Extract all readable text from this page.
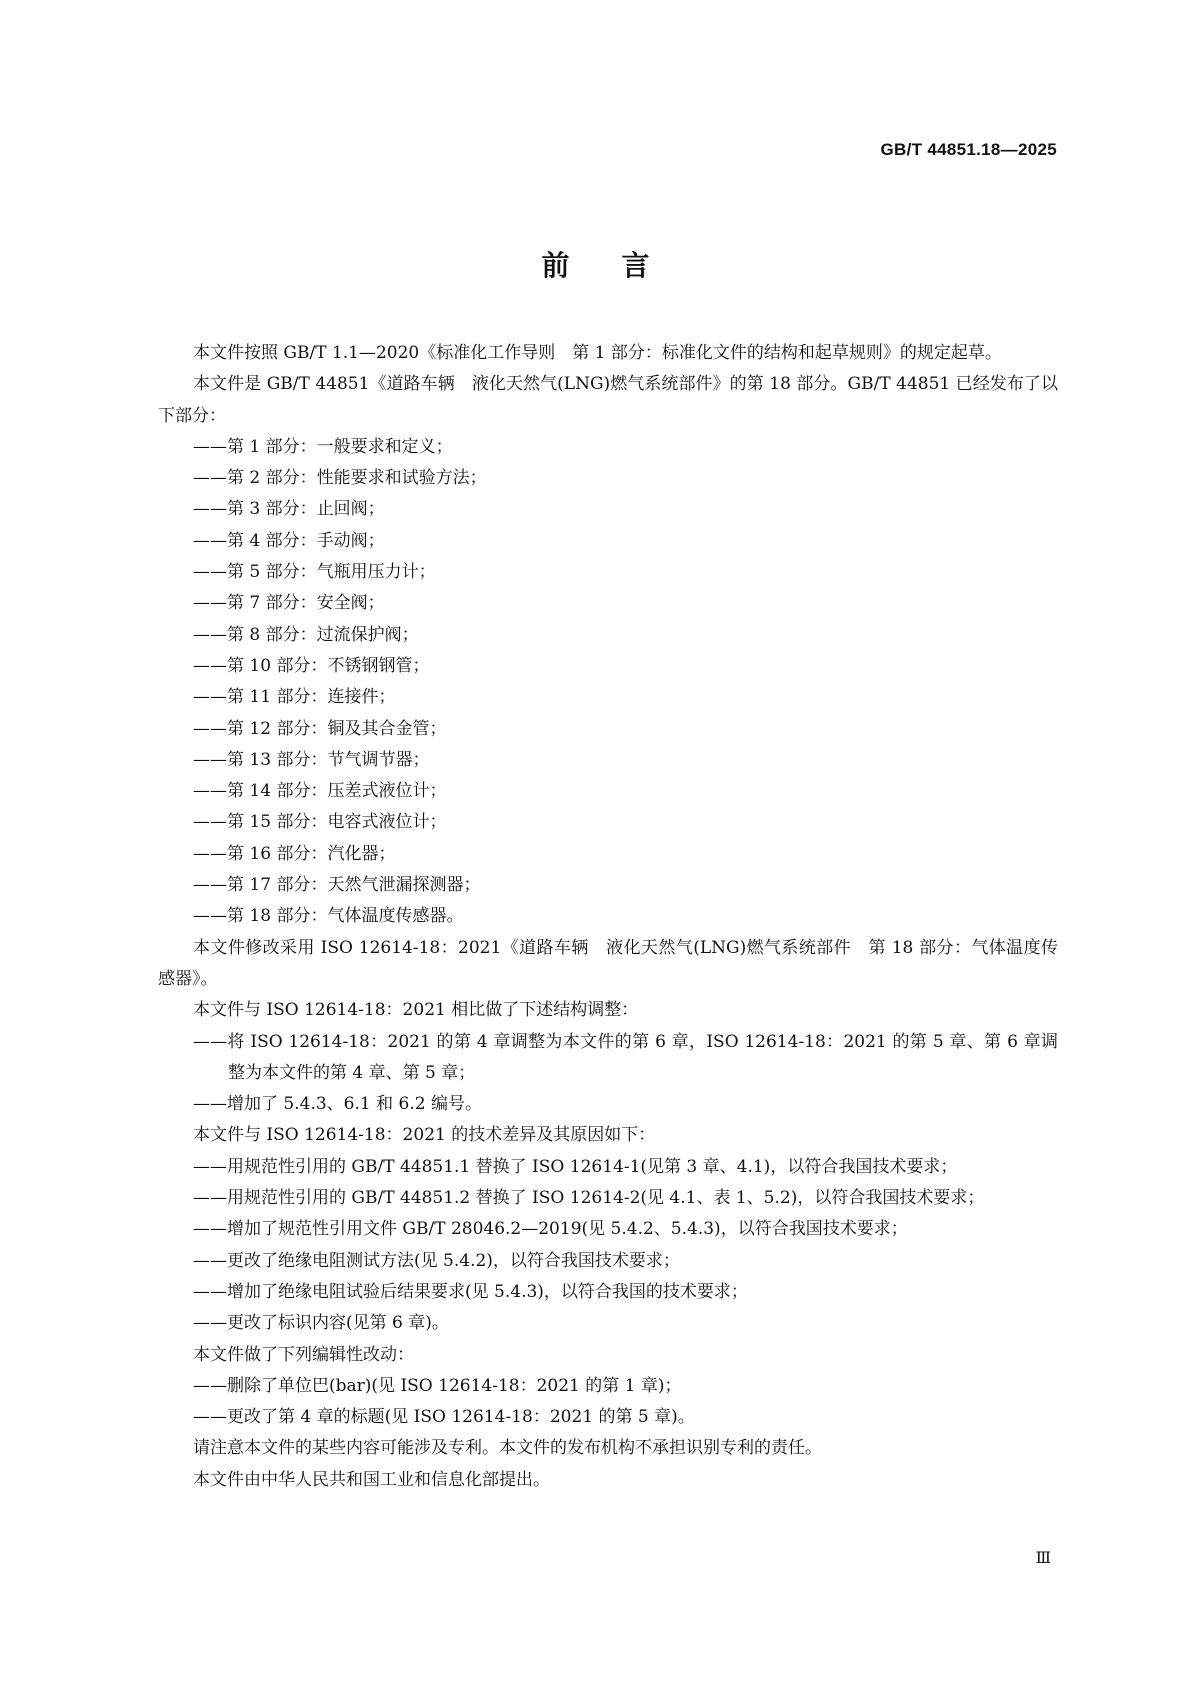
GB/T 44851.18—2025
前言

本文件按照 GB/T 1.1—2020《标准化工作导则　第 1 部分：标准化文件的结构和起草规则》的规定起草。

本文件是 GB/T 44851《道路车辆　液化天然气(LNG)燃气系统部件》的第 18 部分。GB/T 44851 已经发布了以下部分：

——第 1 部分：一般要求和定义；

——第 2 部分：性能要求和试验方法；

——第 3 部分：止回阀；

——第 4 部分：手动阀；

——第 5 部分：气瓶用压力计；

——第 7 部分：安全阀；

——第 8 部分：过流保护阀；

——第 10 部分：不锈钢钢管；

——第 11 部分：连接件；

——第 12 部分：铜及其合金管；

——第 13 部分：节气调节器；

——第 14 部分：压差式液位计；

——第 15 部分：电容式液位计；

——第 16 部分：汽化器；

——第 17 部分：天然气泄漏探测器；

——第 18 部分：气体温度传感器。

本文件修改采用 ISO 12614-18：2021《道路车辆　液化天然气(LNG)燃气系统部件　第 18 部分：气体温度传感器》。

本文件与 ISO 12614-18：2021 相比做了下述结构调整：

——将 ISO 12614-18：2021 的第 4 章调整为本文件的第 6 章，ISO 12614-18：2021 的第 5 章、第 6 章调整为本文件的第 4 章、第 5 章；

——增加了 5.4.3、6.1 和 6.2 编号。

本文件与 ISO 12614-18：2021 的技术差异及其原因如下：

——用规范性引用的 GB/T 44851.1 替换了 ISO 12614-1(见第 3 章、4.1)，以符合我国技术要求；

——用规范性引用的 GB/T 44851.2 替换了 ISO 12614-2(见 4.1、表 1、5.2)，以符合我国技术要求；

——增加了规范性引用文件 GB/T 28046.2—2019(见 5.4.2、5.4.3)，以符合我国技术要求；

——更改了绝缘电阻测试方法(见 5.4.2)，以符合我国技术要求；

——增加了绝缘电阻试验后结果要求(见 5.4.3)，以符合我国的技术要求；

——更改了标识内容(见第 6 章)。

本文件做了下列编辑性改动：

——删除了单位巴(bar)(见 ISO 12614-18：2021 的第 1 章)；

——更改了第 4 章的标题(见 ISO 12614-18：2021 的第 5 章)。

请注意本文件的某些内容可能涉及专利。本文件的发布机构不承担识别专利的责任。

本文件由中华人民共和国工业和信息化部提出。

Ⅲ
